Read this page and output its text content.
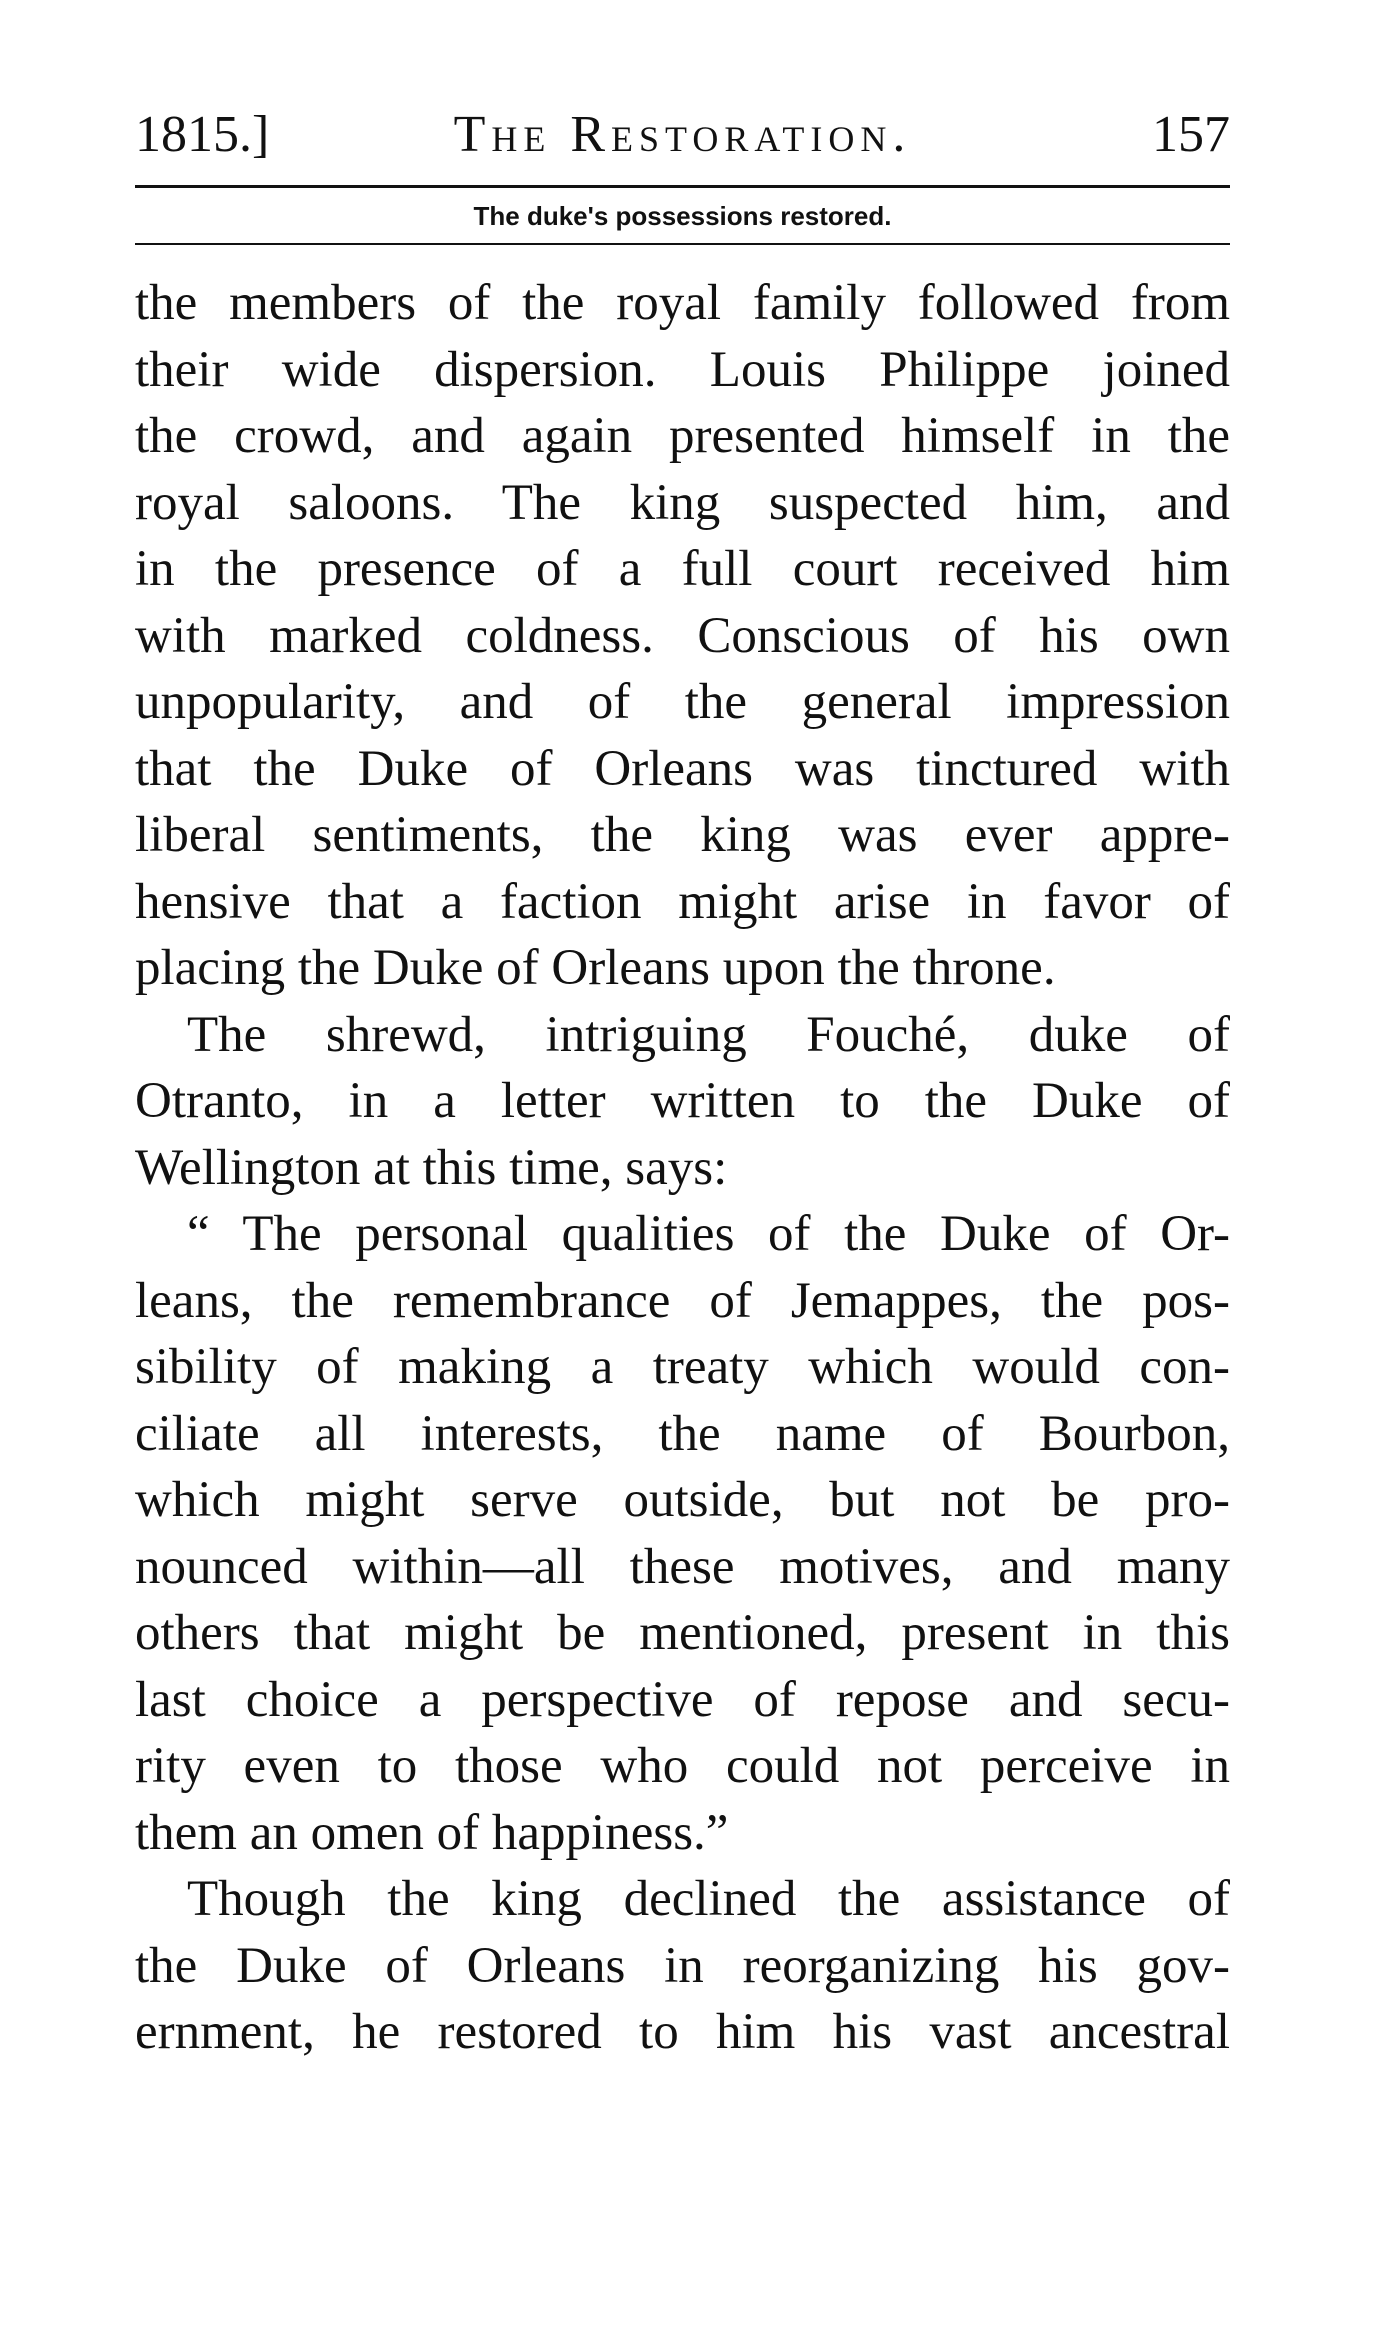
1815.]	The Restoration.	157
The duke's possessions restored.
the members of the royal family followed from
their wide dispersion. Louis Philippe joined
the crowd, and again presented himself in the
royal saloons. The king suspected him, and
in the presence of a full court received him
with marked coldness. Conscious of his own
unpopularity, and of the general impression
that the Duke of Orleans was tinctured with
liberal sentiments, the king was ever appre-
hensive that a faction might arise in favor of
placing the Duke of Orleans upon the throne.
The shrewd, intriguing Fouché, duke of
Otranto, in a letter written to the Duke of
Wellington at this time, says:
“ The personal qualities of the Duke of Or-
leans, the remembrance of Jemappes, the pos-
sibility of making a treaty which would con-
ciliate all interests, the name of Bourbon,
which might serve outside, but not be pro-
nounced within—all these motives, and many
others that might be mentioned, present in this
last choice a perspective of repose and secu-
rity even to those who could not perceive in
them an omen of happiness.”
Though the king declined the assistance of
the Duke of Orleans in reorganizing his gov-
ernment, he restored to him his vast ancestral
